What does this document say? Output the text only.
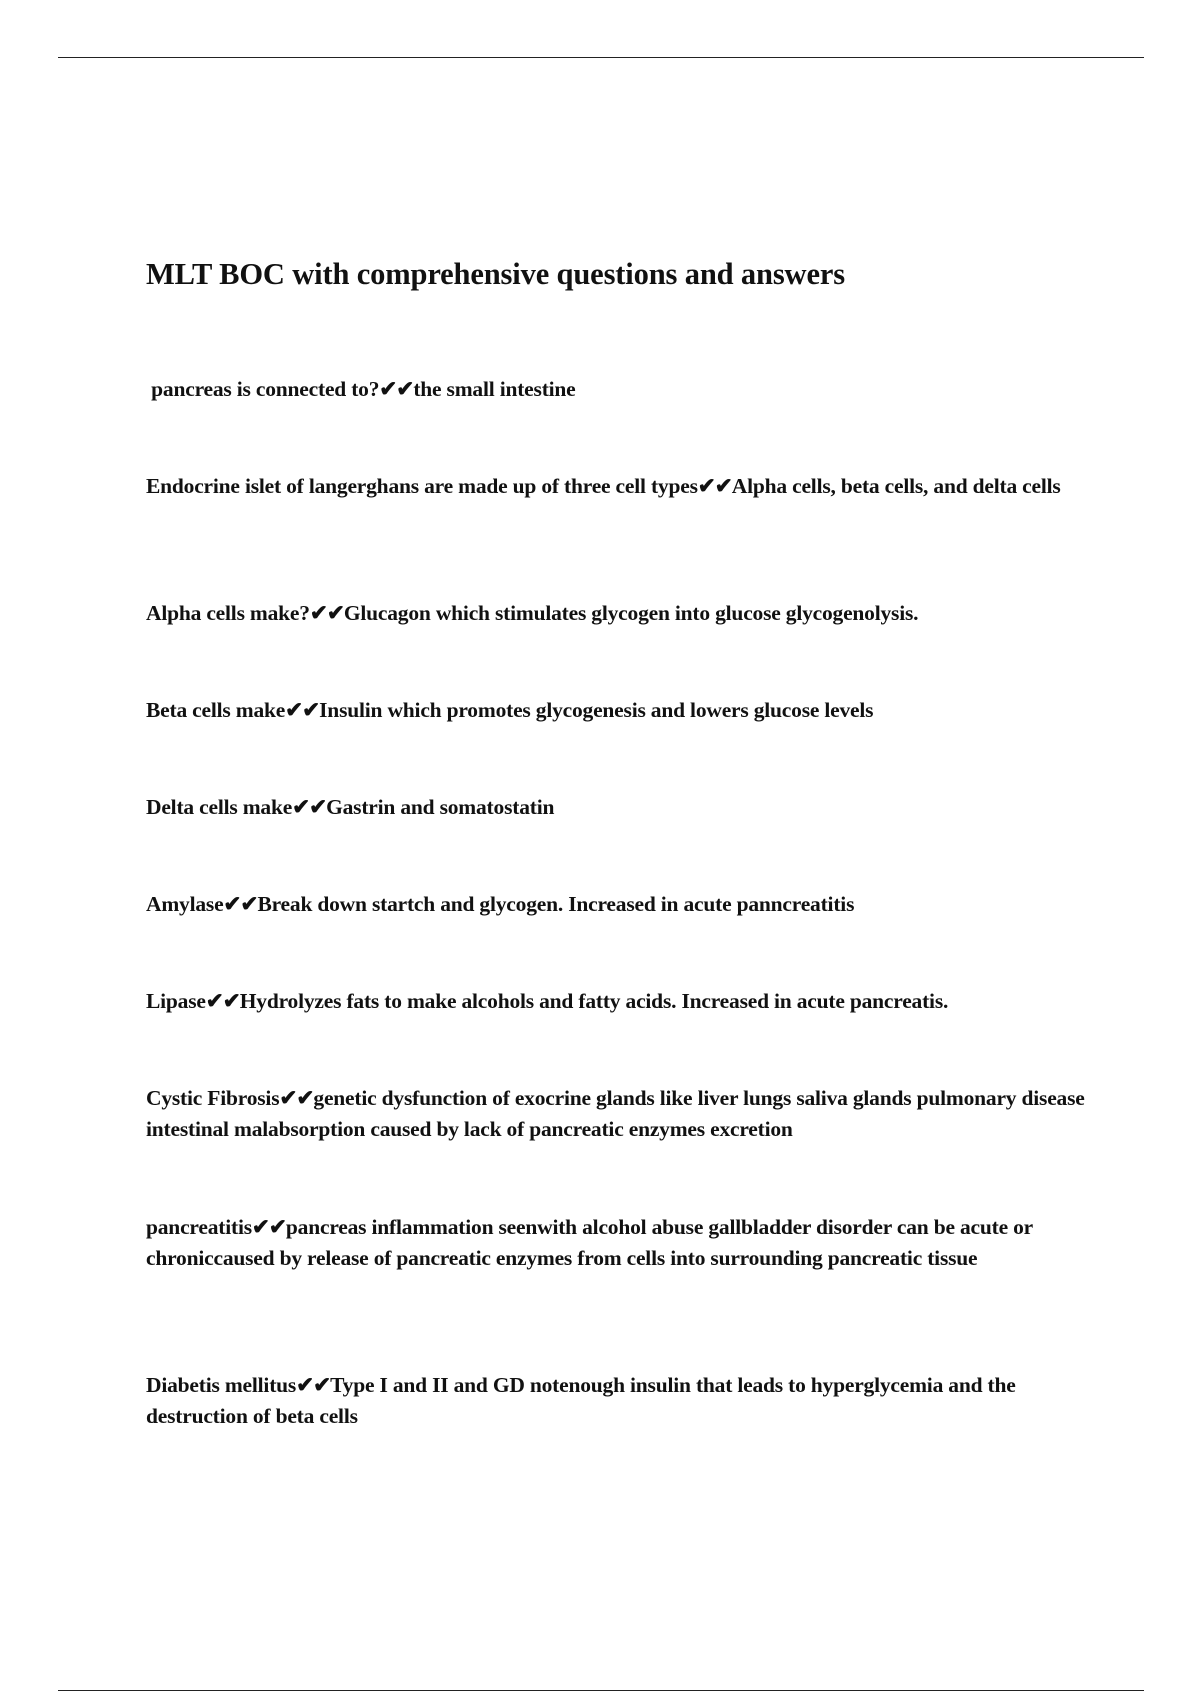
MLT BOC with comprehensive questions and answers

pancreas is connected to?✔✔the small intestine

Endocrine islet of langerghans are made up of three cell types✔✔Alpha cells, beta cells, and delta cells

Alpha cells make?✔✔Glucagon which stimulates glycogen into glucose glycogenolysis.

Beta cells make✔✔Insulin which promotes glycogenesis and lowers glucose levels

Delta cells make✔✔Gastrin and somatostatin

Amylase✔✔Break down startch and glycogen. Increased in acute panncreatitis

Lipase✔✔Hydrolyzes fats to make alcohols and fatty acids. Increased in acute pancreatis.

Cystic Fibrosis✔✔genetic dysfunction of exocrine glands like liver lungs saliva glands pulmonary disease intestinal malabsorption caused by lack of pancreatic enzymes excretion

pancreatitis✔✔pancreas inflammation seenwith alcohol abuse gallbladder disorder can be acute or chroniccaused by release of pancreatic enzymes from cells into surrounding pancreatic tissue

Diabetis mellitus✔✔Type I and II and GD notenough insulin that leads to hyperglycemia and the destruction of beta cells
